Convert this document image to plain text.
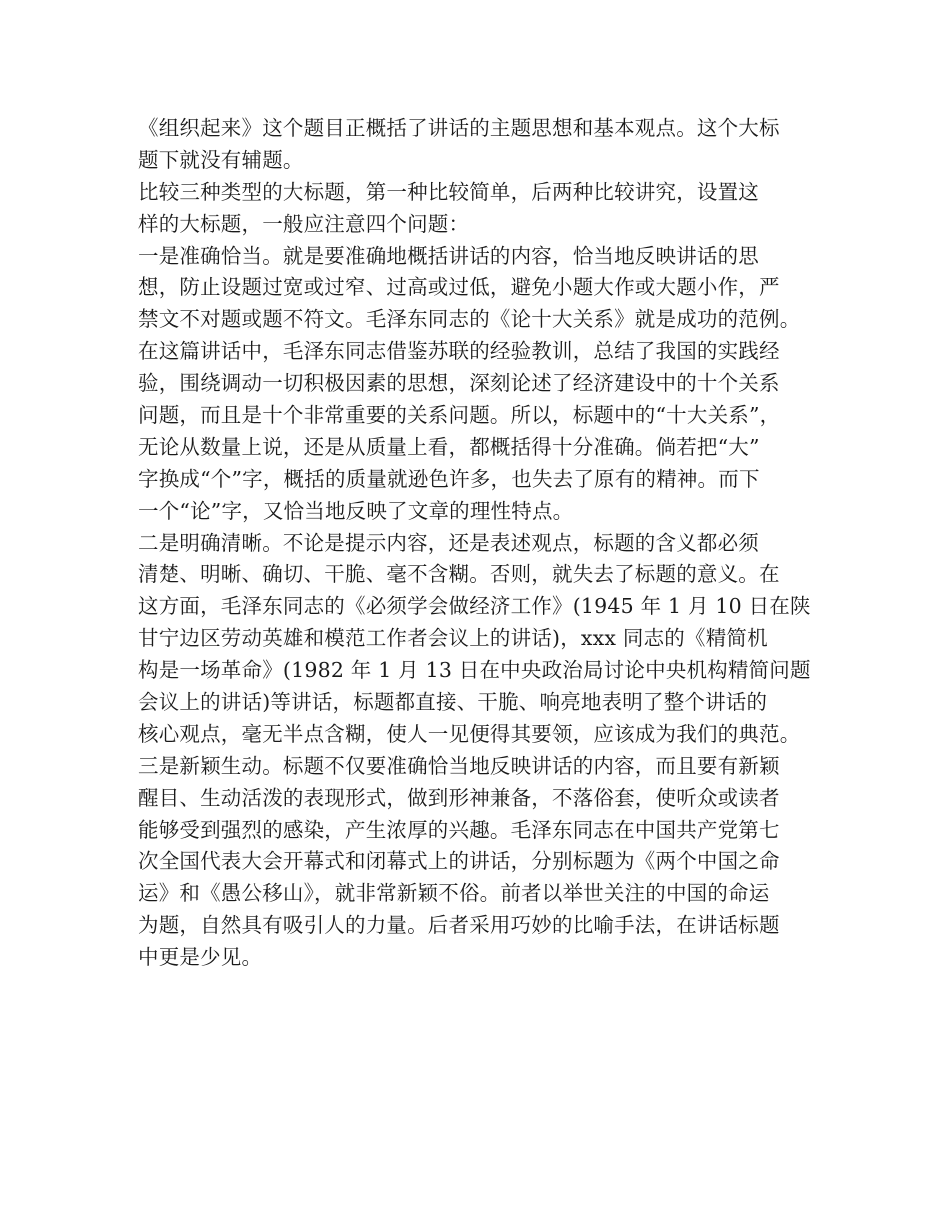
《组织起来》这个题目正概括了讲话的主题思想和基本观点。这个大标
题下就没有辅题。
比较三种类型的大标题，第一种比较简单，后两种比较讲究，设置这
样的大标题，一般应注意四个问题：
一是准确恰当。就是要准确地概括讲话的内容，恰当地反映讲话的思
想，防止设题过宽或过窄、过高或过低，避免小题大作或大题小作，严
禁文不对题或题不符文。毛泽东同志的《论十大关系》就是成功的范例。
在这篇讲话中，毛泽东同志借鉴苏联的经验教训，总结了我国的实践经
验，围绕调动一切积极因素的思想，深刻论述了经济建设中的十个关系
问题，而且是十个非常重要的关系问题。所以，标题中的“十大关系”，
无论从数量上说，还是从质量上看，都概括得十分准确。倘若把“大”
字换成“个”字，概括的质量就逊色许多，也失去了原有的精神。而下
一个“论”字，又恰当地反映了文章的理性特点。
二是明确清晰。不论是提示内容，还是表述观点，标题的含义都必须
清楚、明晰、确切、干脆、毫不含糊。否则，就失去了标题的意义。在
这方面，毛泽东同志的《必须学会做经济工作》(1945 年 1 月 10 日在陕
甘宁边区劳动英雄和模范工作者会议上的讲话)，xxx 同志的《精简机
构是一场革命》(1982 年 1 月 13 日在中央政治局讨论中央机构精简问题
会议上的讲话)等讲话，标题都直接、干脆、响亮地表明了整个讲话的
核心观点，毫无半点含糊，使人一见便得其要领，应该成为我们的典范。
三是新颖生动。标题不仅要准确恰当地反映讲话的内容，而且要有新颖
醒目、生动活泼的表现形式，做到形神兼备，不落俗套，使听众或读者
能够受到强烈的感染，产生浓厚的兴趣。毛泽东同志在中国共产党第七
次全国代表大会开幕式和闭幕式上的讲话，分别标题为《两个中国之命
运》和《愚公移山》，就非常新颖不俗。前者以举世关注的中国的命运
为题，自然具有吸引人的力量。后者采用巧妙的比喻手法，在讲话标题
中更是少见。
